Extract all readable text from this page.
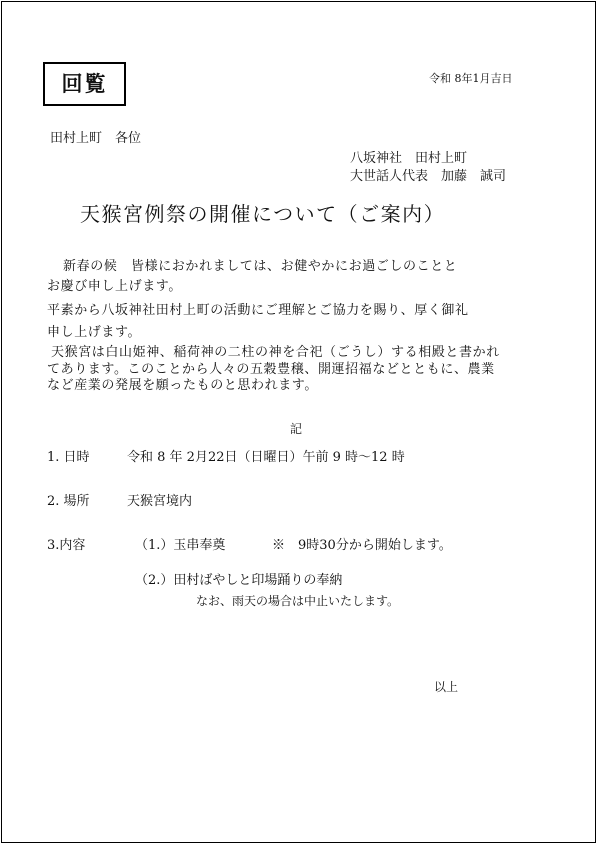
回覧	令和 8年1月吉日
田村上町　各位
八坂神社　田村上町
大世話人代表　加藤　誠司
天猴宮例祭の開催について（ご案内）
新春の候　皆様におかれましては、お健やかにお過ごしのことと
お慶び申し上げます。
平素から八坂神社田村上町の活動にご理解とご協力を賜り、厚く御礼
申し上げます。
天猴宮は白山姫神、稲荷神の二柱の神を合祀（ごうし）する相殿と書かれ
てあります。このことから人々の五穀豊穣、開運招福などとともに、農業
など産業の発展を願ったものと思われます。
記
1. 日時	令和 8 年 2月22日（日曜日）午前 9 時～12 時
2. 場所	天猴宮境内
3.内容	（1.）玉串奉奠	※　9時30分から開始します。
（2.）田村ばやしと印場踊りの奉納
なお、雨天の場合は中止いたします。
以上
